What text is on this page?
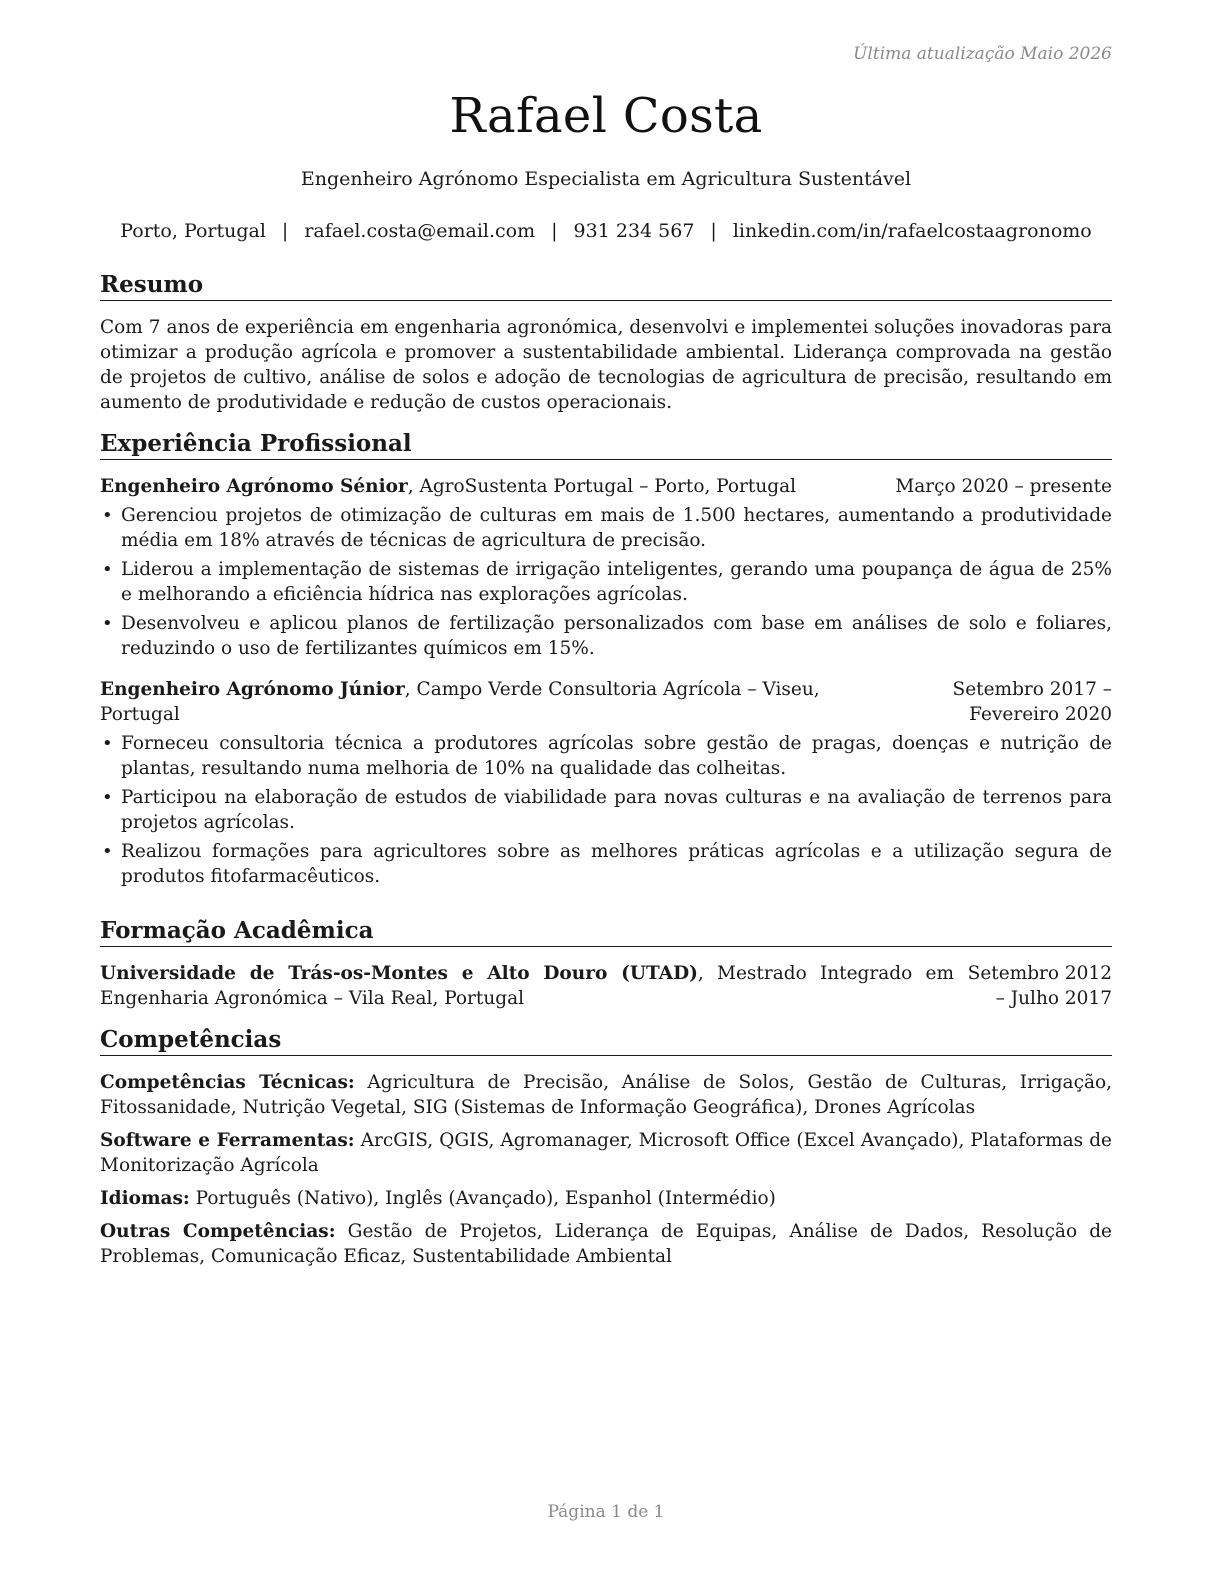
Última atualização Maio 2026
Rafael Costa
Engenheiro Agrónomo Especialista em Agricultura Sustentável
Porto, Portugal | rafael.costa@email.com | 931 234 567 | linkedin.com/in/rafaelcostaagronomo
Resumo

Com 7 anos de experiência em engenharia agronómica, desenvolvi e implementei soluções inovadoras para otimizar a produção agrícola e promover a sustentabilidade ambiental. Liderança comprovada na gestão de projetos de cultivo, análise de solos e adoção de tecnologias de agricultura de precisão, resultando em aumento de produtividade e redução de custos operacionais.

Experiência Profissional
Engenheiro Agrónomo Sénior, AgroSustenta Portugal – Porto, Portugal	Março 2020 – presente
• Gerenciou projetos de otimização de culturas em mais de 1.500 hectares, aumentando a produtividade média em 18% através de técnicas de agricultura de precisão.
• Liderou a implementação de sistemas de irrigação inteligentes, gerando uma poupança de água de 25% e melhorando a eficiência hídrica nas explorações agrícolas.
• Desenvolveu e aplicou planos de fertilização personalizados com base em análises de solo e foliares, reduzindo o uso de fertilizantes químicos em 15%.
Engenheiro Agrónomo Júnior, Campo Verde Consultoria Agrícola – Viseu, Portugal
Setembro 2017 – Fevereiro 2020
• Forneceu consultoria técnica a produtores agrícolas sobre gestão de pragas, doenças e nutrição de plantas, resultando numa melhoria de 10% na qualidade das colheitas.
• Participou na elaboração de estudos de viabilidade para novas culturas e na avaliação de terrenos para projetos agrícolas.
• Realizou formações para agricultores sobre as melhores práticas agrícolas e a utilização segura de produtos fitofarmacêuticos.
Formação Acadêmica
Universidade de Trás-os-Montes e Alto Douro (UTAD), Mestrado Integrado em Engenharia Agronómica – Vila Real, Portugal
Setembro 2012 – Julho 2017
Competências

Competências Técnicas: Agricultura de Precisão, Análise de Solos, Gestão de Culturas, Irrigação, Fitossanidade, Nutrição Vegetal, SIG (Sistemas de Informação Geográfica), Drones Agrícolas

Software e Ferramentas: ArcGIS, QGIS, Agromanager, Microsoft Office (Excel Avançado), Plataformas de Monitorização Agrícola

Idiomas: Português (Nativo), Inglês (Avançado), Espanhol (Intermédio)

Outras Competências: Gestão de Projetos, Liderança de Equipas, Análise de Dados, Resolução de Problemas, Comunicação Eficaz, Sustentabilidade Ambiental

Página 1 de 1
